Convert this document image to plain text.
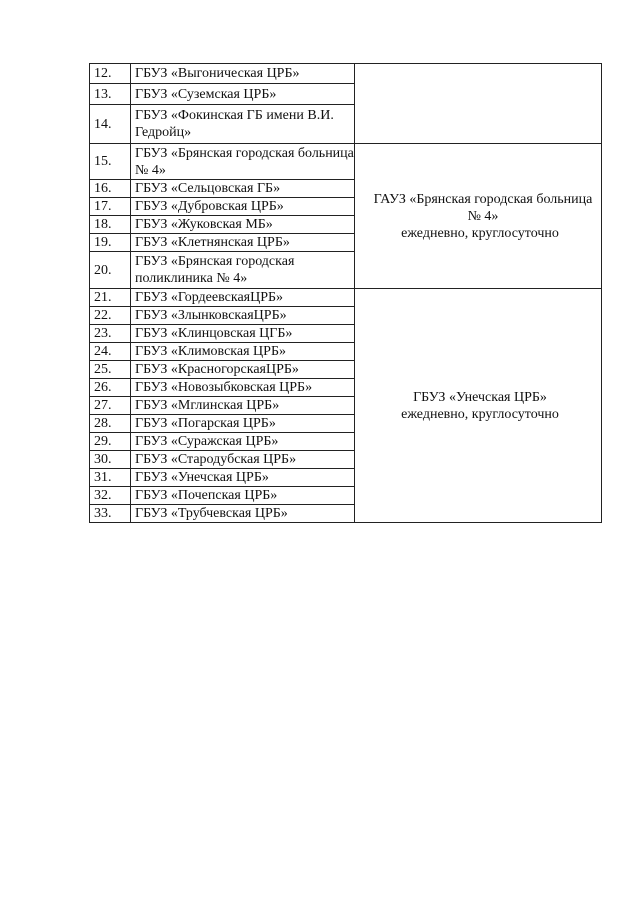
12.	ГБУЗ «Выгоническая ЦРБ»	
13.	ГБУЗ «Суземская ЦРБ»	
14.	ГБУЗ «Фокинская ГБ имени В.И. Гедройц»	
15.	ГБУЗ «Брянская городская больница № 4»	ГАУЗ «Брянская городская больница № 4»
ежедневно, круглосуточно

16.	ГБУЗ «Сельцовская ГБ»	
17.	ГБУЗ «Дубровская ЦРБ»	
18.	ГБУЗ «Жуковская МБ»	
19.	ГБУЗ «Клетнянская ЦРБ»	
20.	ГБУЗ «Брянская городская поликлиника № 4»	
21.	ГБУЗ «ГордеевскаяЦРБ»	ГБУЗ «Унечская ЦРБ»
ежедневно, круглосуточно

22.	ГБУЗ «ЗлынковскаяЦРБ»	
23.	ГБУЗ «Клинцовская ЦГБ»	
24.	ГБУЗ «Климовская ЦРБ»	
25.	ГБУЗ «КрасногорскаяЦРБ»	
26.	ГБУЗ «Новозыбковская ЦРБ»	
27.	ГБУЗ «Мглинская ЦРБ»	
28.	ГБУЗ «Погарская ЦРБ»	
29.	ГБУЗ «Суражская ЦРБ»	
30.	ГБУЗ «Стародубская ЦРБ»	
31.	ГБУЗ «Унечская ЦРБ»	
32.	ГБУЗ «Почепская ЦРБ»	
33.	ГБУЗ «Трубчевская ЦРБ»	
